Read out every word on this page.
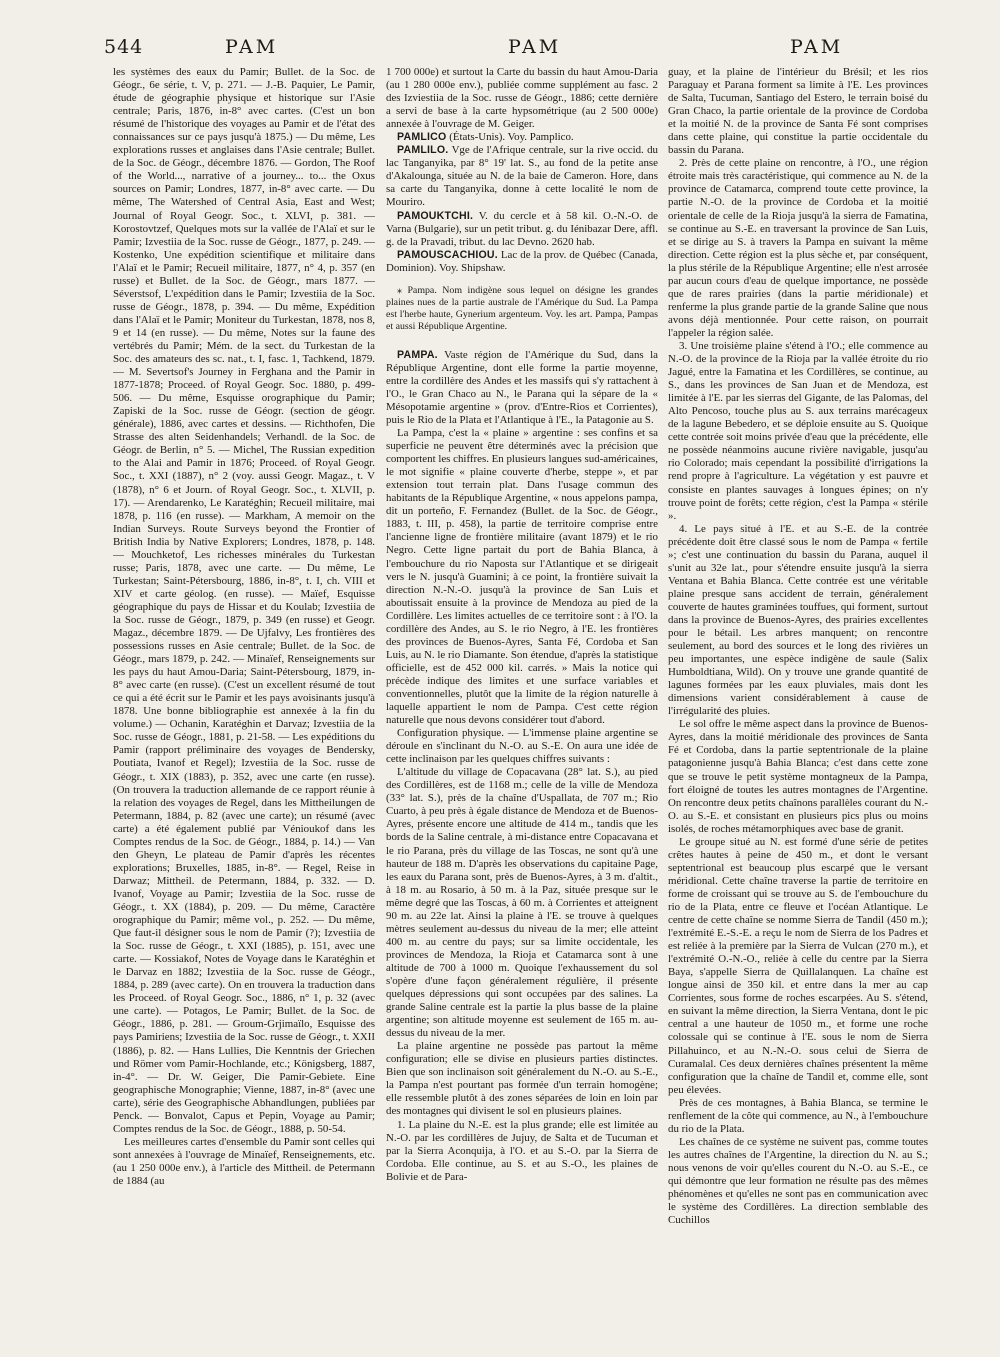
544	PAM	PAM	PAM

les systèmes des eaux du Pamir; Bullet. de la Soc. de Géogr., 6e série, t. V, p. 271. — J.-B. Paquier, Le Pamir, étude de géographie physique et historique sur l'Asie centrale; Paris, 1876, in-8° avec cartes. (C'est un bon résumé de l'historique des voyages au Pamir et de l'état des connaissances sur ce pays jusqu'à 1875.) — Du même, Les explorations russes et anglaises dans l'Asie centrale; Bullet. de la Soc. de Géogr., décembre 1876. — Gordon, The Roof of the World..., narrative of a journey... to... the Oxus sources on Pamir; Londres, 1877, in-8° avec carte. — Du même, The Watershed of Central Asia, East and West; Journal of Royal Geogr. Soc., t. XLVI, p. 381. — Korostovtzef, Quelques mots sur la vallée de l'Alaï et sur le Pamir; Izvestiia de la Soc. russe de Géogr., 1877, p. 249. — Kostenko, Une expédition scientifique et militaire dans l'Alaï et le Pamir; Recueil militaire, 1877, n° 4, p. 357 (en russe) et Bullet. de la Soc. de Géogr., mars 1877. — Séverstsof, L'expédition dans le Pamir; Izvestiia de la Soc. russe de Géogr., 1878, p. 394. — Du même, Expédition dans l'Alaï et le Pamir; Moniteur du Turkestan, 1878, nos 8, 9 et 14 (en russe). — Du même, Notes sur la faune des vertébrés du Pamir; Mém. de la sect. du Turkestan de la Soc. des amateurs des sc. nat., t. I, fasc. 1, Tachkend, 1879. — M. Severtsof's Journey in Ferghana and the Pamir in 1877-1878; Proceed. of Royal Geogr. Soc. 1880, p. 499-506. — Du même, Esquisse orographique du Pamir; Zapiski de la Soc. russe de Géogr. (section de géogr. générale), 1886, avec cartes et dessins. — Richthofen, Die Strasse des alten Seidenhandels; Verhandl. de la Soc. de Géogr. de Berlin, n° 5. — Michel, The Russian expedition to the Alai and Pamir in 1876; Proceed. of Royal Geogr. Soc., t. XXI (1887), n° 2 (voy. aussi Geogr. Magaz., t. V (1878), n° 6 et Journ. of Royal Geogr. Soc., t. XLVII, p. 17). — Arendarenko, Le Karatéghin; Recueil militaire, mai 1878, p. 116 (en russe). — Markham, A memoir on the Indian Surveys. Route Surveys beyond the Frontier of British India by Native Explorers; Londres, 1878, p. 148. — Mouchketof, Les richesses minérales du Turkestan russe; Paris, 1878, avec une carte. — Du même, Le Turkestan; Saint-Pétersbourg, 1886, in-8°, t. I, ch. VIII et XIV et carte géolog. (en russe). — Maïef, Esquisse géographique du pays de Hissar et du Koulab; Izvestiia de la Soc. russe de Géogr., 1879, p. 349 (en russe) et Geogr. Magaz., décembre 1879. — De Ujfalvy, Les frontières des possessions russes en Asie centrale; Bullet. de la Soc. de Géogr., mars 1879, p. 242. — Minaïef, Renseignements sur les pays du haut Amou-Daria; Saint-Pétersbourg, 1879, in-8° avec carte (en russe). (C'est un excellent résumé de tout ce qui a été écrit sur le Pamir et les pays avoisinants jusqu'à 1878. Une bonne bibliographie est annexée à la fin du volume.) — Ochanin, Karatéghin et Darvaz; Izvestiia de la Soc. russe de Géogr., 1881, p. 21-58. — Les expéditions du Pamir (rapport préliminaire des voyages de Bendersky, Poutiata, Ivanof et Regel); Izvestiia de la Soc. russe de Géogr., t. XIX (1883), p. 352, avec une carte (en russe). (On trouvera la traduction allemande de ce rapport réunie à la relation des voyages de Regel, dans les Mittheilungen de Petermann, 1884, p. 82 (avec une carte); un résumé (avec carte) a été également publié par Vénioukof dans les Comptes rendus de la Soc. de Géogr., 1884, p. 14.) — Van den Gheyn, Le plateau de Pamir d'après les récentes explorations; Bruxelles, 1885, in-8°. — Regel, Reise in Darwaz; Mittheil. de Petermann, 1884, p. 332. — D. Ivanof, Voyage au Pamir; Izvestiia de la Soc. russe de Géogr., t. XX (1884), p. 209. — Du même, Caractère orographique du Pamir; même vol., p. 252. — Du même, Que faut-il désigner sous le nom de Pamir (?); Izvestiia de la Soc. russe de Géogr., t. XXI (1885), p. 151, avec une carte. — Kossiakof, Notes de Voyage dans le Karatéghin et le Darvaz en 1882; Izvestiia de la Soc. russe de Géogr., 1884, p. 289 (avec carte). On en trouvera la traduction dans les Proceed. of Royal Geogr. Soc., 1886, n° 1, p. 32 (avec une carte). — Potagos, Le Pamir; Bullet. de la Soc. de Géogr., 1886, p. 281. — Groum-Grjimaïlo, Esquisse des pays Pamiriens; Izvestiia de la Soc. russe de Géogr., t. XXII (1886), p. 82. — Hans Lullies, Die Kenntnis der Griechen und Römer vom Pamir-Hochlande, etc.; Königsberg, 1887, in-4°. — Dr. W. Geiger, Die Pamir-Gebiete. Eine geographische Monographie; Vienne, 1887, in-8° (avec une carte), série des Geographische Abhandlungen, publiées par Penck. — Bonvalot, Capus et Pepin, Voyage au Pamir; Comptes rendus de la Soc. de Géogr., 1888, p. 50-54.

Les meilleures cartes d'ensemble du Pamir sont celles qui sont annexées à l'ouvrage de Minaïef, Renseignements, etc. (au 1 250 000e env.), à l'article des Mittheil. de Petermann de 1884 (au

1 700 000e) et surtout la Carte du bassin du haut Amou-Daria (au 1 280 000e env.), publiée comme supplément au fasc. 2 des Izviestiia de la Soc. russe de Géogr., 1886; cette dernière a servi de base à la carte hypsométrique (au 2 500 000e) annexée à l'ouvrage de M. Geiger.

PAMLICO (États-Unis). Voy. Pamplico.

PAMLILO. Vge de l'Afrique centrale, sur la rive occid. du lac Tanganyika, par 8° 19' lat. S., au fond de la petite anse d'Akalounga, située au N. de la baie de Cameron. Hore, dans sa carte du Tanganyika, donne à cette localité le nom de Mouriro.

PAMOUKTCHI. V. du cercle et à 58 kil. O.-N.-O. de Varna (Bulgarie), sur un petit tribut. g. du Iénibazar Dere, affl. g. de la Pravadi, tribut. du lac Devno. 2620 hab.

PAMOUSCACHIOU. Lac de la prov. de Québec (Canada, Dominion). Voy. Shipshaw.

⁎ Pampa. Nom indigène sous lequel on désigne les grandes plaines nues de la partie australe de l'Amérique du Sud. La Pampa est l'herbe haute, Gynerium argenteum. Voy. les art. Pampa, Pampas et aussi République Argentine.

PAMPA. Vaste région de l'Amérique du Sud, dans la République Argentine, dont elle forme la partie moyenne, entre la cordillère des Andes et les massifs qui s'y rattachent à l'O., le Gran Chaco au N., le Parana qui la sépare de la « Mésopotamie argentine » (prov. d'Entre-Rios et Corrientes), puis le Rio de la Plata et l'Atlantique à l'E., la Patagonie au S.

La Pampa, c'est la « plaine » argentine : ses confins et sa superficie ne peuvent être déterminés avec la précision que comportent les chiffres. En plusieurs langues sud-américaines, le mot signifie « plaine couverte d'herbe, steppe », et par extension tout terrain plat. Dans l'usage commun des habitants de la République Argentine, « nous appelons pampa, dit un porteño, F. Fernandez (Bullet. de la Soc. de Géogr., 1883, t. III, p. 458), la partie de territoire comprise entre l'ancienne ligne de frontière militaire (avant 1879) et le rio Negro. Cette ligne partait du port de Bahia Blanca, à l'embouchure du rio Naposta sur l'Atlantique et se dirigeait vers le N. jusqu'à Guamini; à ce point, la frontière suivait la direction N.-N.-O. jusqu'à la province de San Luis et aboutissait ensuite à la province de Mendoza au pied de la Cordillère. Les limites actuelles de ce territoire sont : à l'O. la cordillère des Andes, au S. le rio Negro, à l'E. les frontières des provinces de Buenos-Ayres, Santa Fé, Cordoba et San Luis, au N. le rio Diamante. Son étendue, d'après la statistique officielle, est de 452 000 kil. carrés. » Mais la notice qui précède indique des limites et une surface variables et conventionnelles, plutôt que la limite de la région naturelle à laquelle appartient le nom de Pampa. C'est cette région naturelle que nous devons considérer tout d'abord.

Configuration physique. — L'immense plaine argentine se déroule en s'inclinant du N.-O. au S.-E. On aura une idée de cette inclinaison par les quelques chiffres suivants :

L'altitude du village de Copacavana (28° lat. S.), au pied des Cordillères, est de 1168 m.; celle de la ville de Mendoza (33° lat. S.), près de la chaîne d'Uspallata, de 707 m.; Rio Cuarto, à peu près à égale distance de Mendoza et de Buenos-Ayres, présente encore une altitude de 414 m., tandis que les bords de la Saline centrale, à mi-distance entre Copacavana et le rio Parana, près du village de las Toscas, ne sont qu'à une hauteur de 188 m. D'après les observations du capitaine Page, les eaux du Parana sont, près de Buenos-Ayres, à 3 m. d'altit., à 18 m. au Rosario, à 50 m. à la Paz, située presque sur le même degré que las Toscas, à 60 m. à Corrientes et atteignent 90 m. au 22e lat. Ainsi la plaine à l'E. se trouve à quelques mètres seulement au-dessus du niveau de la mer; elle atteint 400 m. au centre du pays; sur sa limite occidentale, les provinces de Mendoza, la Rioja et Catamarca sont à une altitude de 700 à 1000 m. Quoique l'exhaussement du sol s'opère d'une façon généralement régulière, il présente quelques dépressions qui sont occupées par des salines. La grande Saline centrale est la partie la plus basse de la plaine argentine; son altitude moyenne est seulement de 165 m. au-dessus du niveau de la mer.

La plaine argentine ne possède pas partout la même configuration; elle se divise en plusieurs parties distinctes. Bien que son inclinaison soit généralement du N.-O. au S.-E., la Pampa n'est pourtant pas formée d'un terrain homogène; elle ressemble plutôt à des zones séparées de loin en loin par des montagnes qui divisent le sol en plusieurs plaines.

1. La plaine du N.-E. est la plus grande; elle est limitée au N.-O. par les cordillères de Jujuy, de Salta et de Tucuman et par la Sierra Aconquija, à l'O. et au S.-O. par la Sierra de Cordoba. Elle continue, au S. et au S.-O., les plaines de Bolivie et de Para-

guay, et la plaine de l'intérieur du Brésil; et les rios Paraguay et Parana forment sa limite à l'E. Les provinces de Salta, Tucuman, Santiago del Estero, le terrain boisé du Gran Chaco, la partie orientale de la province de Cordoba et la moitié N. de la province de Santa Fé sont comprises dans cette plaine, qui constitue la partie occidentale du bassin du Parana.

2. Près de cette plaine on rencontre, à l'O., une région étroite mais très caractéristique, qui commence au N. de la province de Catamarca, comprend toute cette province, la partie N.-O. de la province de Cordoba et la moitié orientale de celle de la Rioja jusqu'à la sierra de Famatina, se continue au S.-E. en traversant la province de San Luis, et se dirige au S. à travers la Pampa en suivant la même direction. Cette région est la plus sèche et, par conséquent, la plus stérile de la République Argentine; elle n'est arrosée par aucun cours d'eau de quelque importance, ne possède que de rares prairies (dans la partie méridionale) et renferme la plus grande partie de la grande Saline que nous avons déjà mentionnée. Pour cette raison, on pourrait l'appeler la région salée.

3. Une troisième plaine s'étend à l'O.; elle commence au N.-O. de la province de la Rioja par la vallée étroite du rio Jagué, entre la Famatina et les Cordillères, se continue, au S., dans les provinces de San Juan et de Mendoza, est limitée à l'E. par les sierras del Gigante, de las Palomas, del Alto Pencoso, touche plus au S. aux terrains marécageux de la lagune Bebedero, et se déploie ensuite au S. Quoique cette contrée soit moins privée d'eau que la précédente, elle ne possède néanmoins aucune rivière navigable, jusqu'au rio Colorado; mais cependant la possibilité d'irrigations la rend propre à l'agriculture. La végétation y est pauvre et consiste en plantes sauvages à longues épines; on n'y trouve point de forêts; cette région, c'est la Pampa « stérile ».

4. Le pays situé à l'E. et au S.-E. de la contrée précédente doit être classé sous le nom de Pampa « fertile »; c'est une continuation du bassin du Parana, auquel il s'unit au 32e lat., pour s'étendre ensuite jusqu'à la sierra Ventana et Bahia Blanca. Cette contrée est une véritable plaine presque sans accident de terrain, généralement couverte de hautes graminées touffues, qui forment, surtout dans la province de Buenos-Ayres, des prairies excellentes pour le bétail. Les arbres manquent; on rencontre seulement, au bord des sources et le long des rivières un peu importantes, une espèce indigène de saule (Salix Humboldtiana, Wild). On y trouve une grande quantité de lagunes formées par les eaux pluviales, mais dont les dimensions varient considérablement à cause de l'irrégularité des pluies.

Le sol offre le même aspect dans la province de Buenos-Ayres, dans la moitié méridionale des provinces de Santa Fé et Cordoba, dans la partie septentrionale de la plaine patagonienne jusqu'à Bahia Blanca; c'est dans cette zone que se trouve le petit système montagneux de la Pampa, fort éloigné de toutes les autres montagnes de l'Argentine. On rencontre deux petits chaînons parallèles courant du N.-O. au S.-E. et consistant en plusieurs pics plus ou moins isolés, de roches métamorphiques avec base de granit.

Le groupe situé au N. est formé d'une série de petites crêtes hautes à peine de 450 m., et dont le versant septentrional est beaucoup plus escarpé que le versant méridional. Cette chaîne traverse la partie de territoire en forme de croissant qui se trouve au S. de l'embouchure du rio de la Plata, entre ce fleuve et l'océan Atlantique. Le centre de cette chaîne se nomme Sierra de Tandil (450 m.); l'extrémité E.-S.-E. a reçu le nom de Sierra de los Padres et est reliée à la première par la Sierra de Vulcan (270 m.), et l'extrémité O.-N.-O., reliée à celle du centre par la Sierra Baya, s'appelle Sierra de Quillalanquen. La chaîne est longue ainsi de 350 kil. et entre dans la mer au cap Corrientes, sous forme de roches escarpées. Au S. s'étend, en suivant la même direction, la Sierra Ventana, dont le pic central a une hauteur de 1050 m., et forme une roche colossale qui se continue à l'E. sous le nom de Sierra Pillahuinco, et au N.-N.-O. sous celui de Sierra de Curamalal. Ces deux dernières chaînes présentent la même configuration que la chaîne de Tandil et, comme elle, sont peu élevées.

Près de ces montagnes, à Bahia Blanca, se termine le renflement de la côte qui commence, au N., à l'embouchure du rio de la Plata.

Les chaînes de ce système ne suivent pas, comme toutes les autres chaînes de l'Argentine, la direction du N. au S.; nous venons de voir qu'elles courent du N.-O. au S.-E., ce qui démontre que leur formation ne résulte pas des mêmes phénomènes et qu'elles ne sont pas en communication avec le système des Cordillères. La direction semblable des Cuchillos
